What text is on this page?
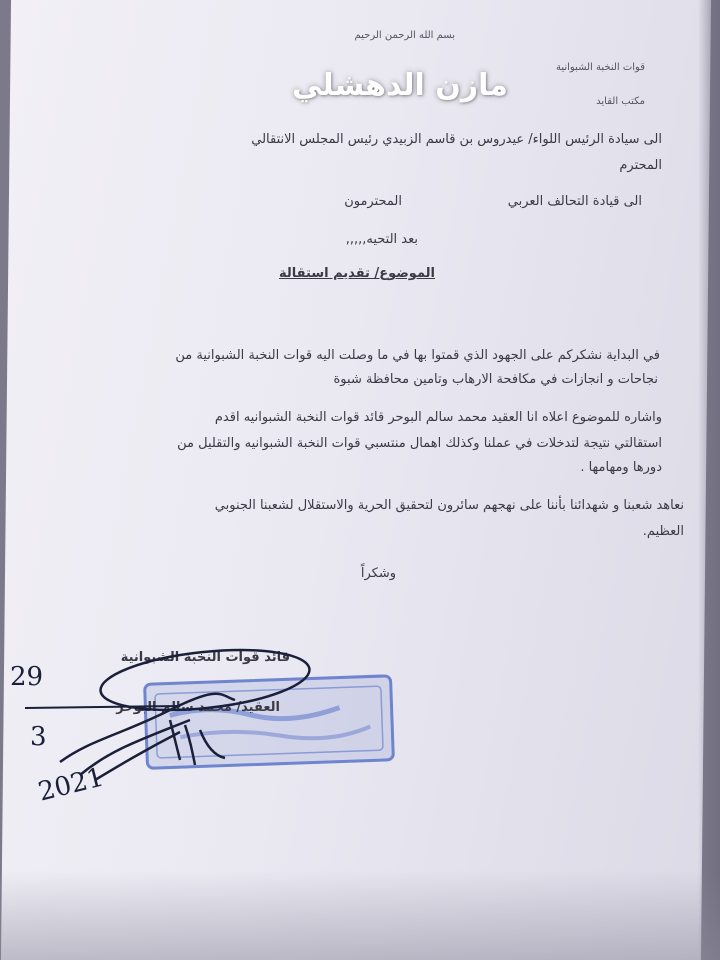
بسم الله الرحمن الرحيم
قوات النخبة الشبوانية
مكتب القايد
مازن الدهشلي
الى سيادة الرئيس اللواء/ عيدروس بن قاسم الزبيدي رئيس المجلس الانتقالي
المحترم
الى قيادة التحالف العربي
المحترمون
بعد التحيه,,,,,
الموضوع/ تقديم استقالة
في البداية نشكركم على الجهود الذي قمتوا بها في ما وصلت اليه قوات النخبة الشبوانية من
نجاحات و انجازات في مكافحة الارهاب وتامين محافظة شبوة
واشاره للموضوع اعلاه انا العقيد محمد سالم البوحر قائد قوات النخبة الشبوانيه اقدم
استقالتي نتيجة لتدخلات في عملنا وكذلك اهمال منتسبي قوات النخبة الشبوانيه والتقليل من
دورها ومهامها .
نعاهد شعبنا و شهدائنا بأننا على نهجهم سائرون لتحقيق الحرية والاستقلال لشعبنا الجنوبي
العظيم.
وشكراً
قائد قوات النخبة الشبوانية
العقيد/ محمد سالم البوحر
29
3
2021
